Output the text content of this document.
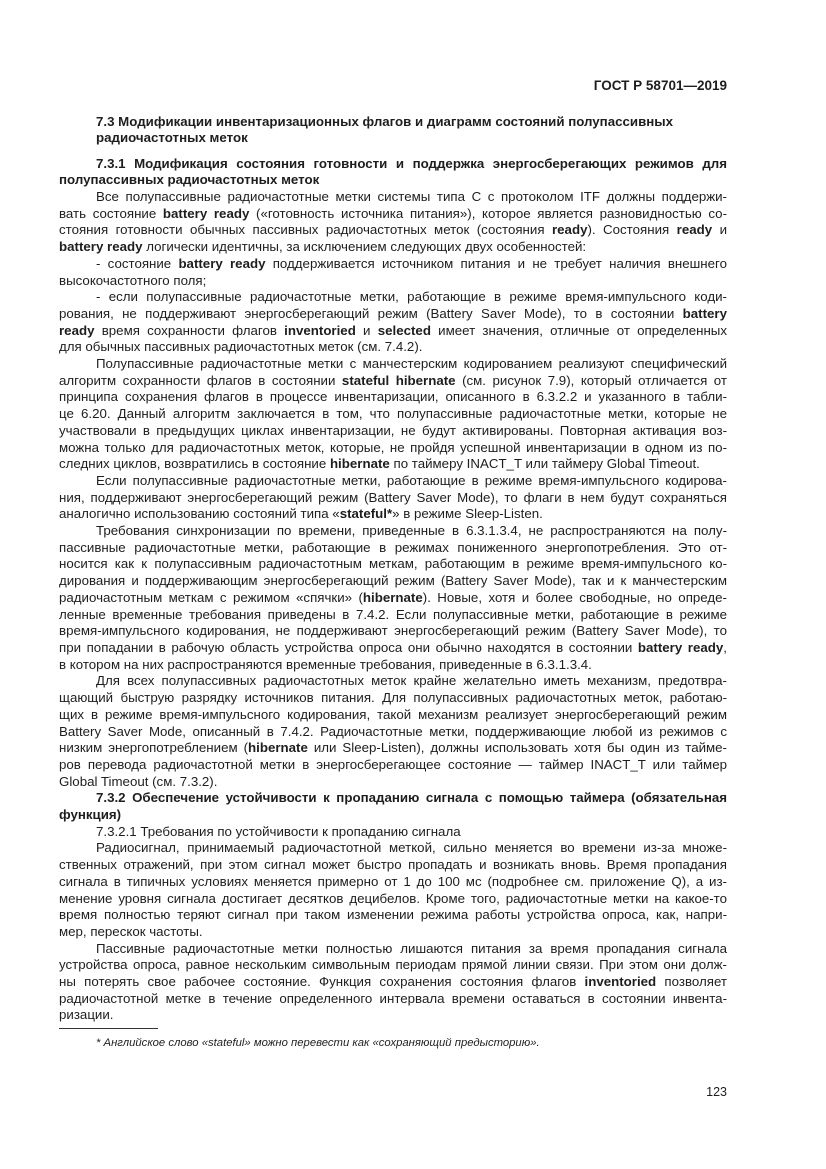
ГОСТ Р 58701—2019
7.3 Модификации инвентаризационных флагов и диаграмм состояний полупассивных
радиочастотных меток
7.3.1 Модификация состояния готовности и поддержка энергосберегающих режимов для
полупассивных радиочастотных меток
Все полупассивные радиочастотные метки системы типа С с протоколом ITF должны поддержи-
вать состояние battery ready («готовность источника питания»), которое является разновидностью со-
стояния готовности обычных пассивных радиочастотных меток (состояния ready). Состояния ready и
battery ready логически идентичны, за исключением следующих двух особенностей:
- состояние battery ready поддерживается источником питания и не требует наличия внешнего
высокочастотного поля;
- если полупассивные радиочастотные метки, работающие в режиме время-импульсного коди-
рования, не поддерживают энергосберегающий режим (Battery Saver Mode), то в состоянии battery
ready время сохранности флагов inventoried и selected имеет значения, отличные от определенных
для обычных пассивных радиочастотных меток (см. 7.4.2).
Полупассивные радиочастотные метки с манчестерским кодированием реализуют специфический
алгоритм сохранности флагов в состоянии stateful hibernate (см. рисунок 7.9), который отличается от
принципа сохранения флагов в процессе инвентаризации, описанного в 6.3.2.2 и указанного в табли-
це 6.20. Данный алгоритм заключается в том, что полупассивные радиочастотные метки, которые не
участвовали в предыдущих циклах инвентаризации, не будут активированы. Повторная активация воз-
можна только для радиочастотных меток, которые, не пройдя успешной инвентаризации в одном из по-
следних циклов, возвратились в состояние hibernate по таймеру INACT_T или таймеру Global Timeout.
Если полупассивные радиочастотные метки, работающие в режиме время-импульсного кодирова-
ния, поддерживают энергосберегающий режим (Battery Saver Mode), то флаги в нем будут сохраняться
аналогично использованию состояний типа «stateful*» в режиме Sleep-Listen.
Требования синхронизации по времени, приведенные в 6.3.1.3.4, не распространяются на полу-
пассивные радиочастотные метки, работающие в режимах пониженного энергопотребления. Это от-
носится как к полупассивным радиочастотным меткам, работающим в режиме время-импульсного ко-
дирования и поддерживающим энергосберегающий режим (Battery Saver Mode), так и к манчестерским
радиочастотным меткам с режимом «спячки» (hibernate). Новые, хотя и более свободные, но опреде-
ленные временные требования приведены в 7.4.2. Если полупассивные метки, работающие в режиме
время-импульсного кодирования, не поддерживают энергосберегающий режим (Battery Saver Mode), то
при попадании в рабочую область устройства опроса они обычно находятся в состоянии battery ready,
в котором на них распространяются временные требования, приведенные в 6.3.1.3.4.
Для всех полупассивных радиочастотных меток крайне желательно иметь механизм, предотвра-
щающий быструю разрядку источников питания. Для полупассивных радиочастотных меток, работаю-
щих в режиме время-импульсного кодирования, такой механизм реализует энергосберегающий режим
Battery Saver Mode, описанный в 7.4.2. Радиочастотные метки, поддерживающие любой из режимов с
низким энергопотреблением (hibernate или Sleep-Listen), должны использовать хотя бы один из тайме-
ров перевода радиочастотной метки в энергосберегающее состояние — таймер INACT_T или таймер
Global Timeout (см. 7.3.2).
7.3.2 Обеспечение устойчивости к пропаданию сигнала с помощью таймера (обязательная
функция)
7.3.2.1 Требования по устойчивости к пропаданию сигнала
Радиосигнал, принимаемый радиочастотной меткой, сильно меняется во времени из-за множе-
ственных отражений, при этом сигнал может быстро пропадать и возникать вновь. Время пропадания
сигнала в типичных условиях меняется примерно от 1 до 100 мс (подробнее см. приложение Q), а из-
менение уровня сигнала достигает десятков децибелов. Кроме того, радиочастотные метки на какое-то
время полностью теряют сигнал при таком изменении режима работы устройства опроса, как, напри-
мер, перескок частоты.
Пассивные радиочастотные метки полностью лишаются питания за время пропадания сигнала
устройства опроса, равное нескольким символьным периодам прямой линии связи. При этом они долж-
ны потерять свое рабочее состояние. Функция сохранения состояния флагов inventoried позволяет
радиочастотной метке в течение определенного интервала времени оставаться в состоянии инвента-
ризации.
* Английское слово «stateful» можно перевести как «сохраняющий предысторию».
123
